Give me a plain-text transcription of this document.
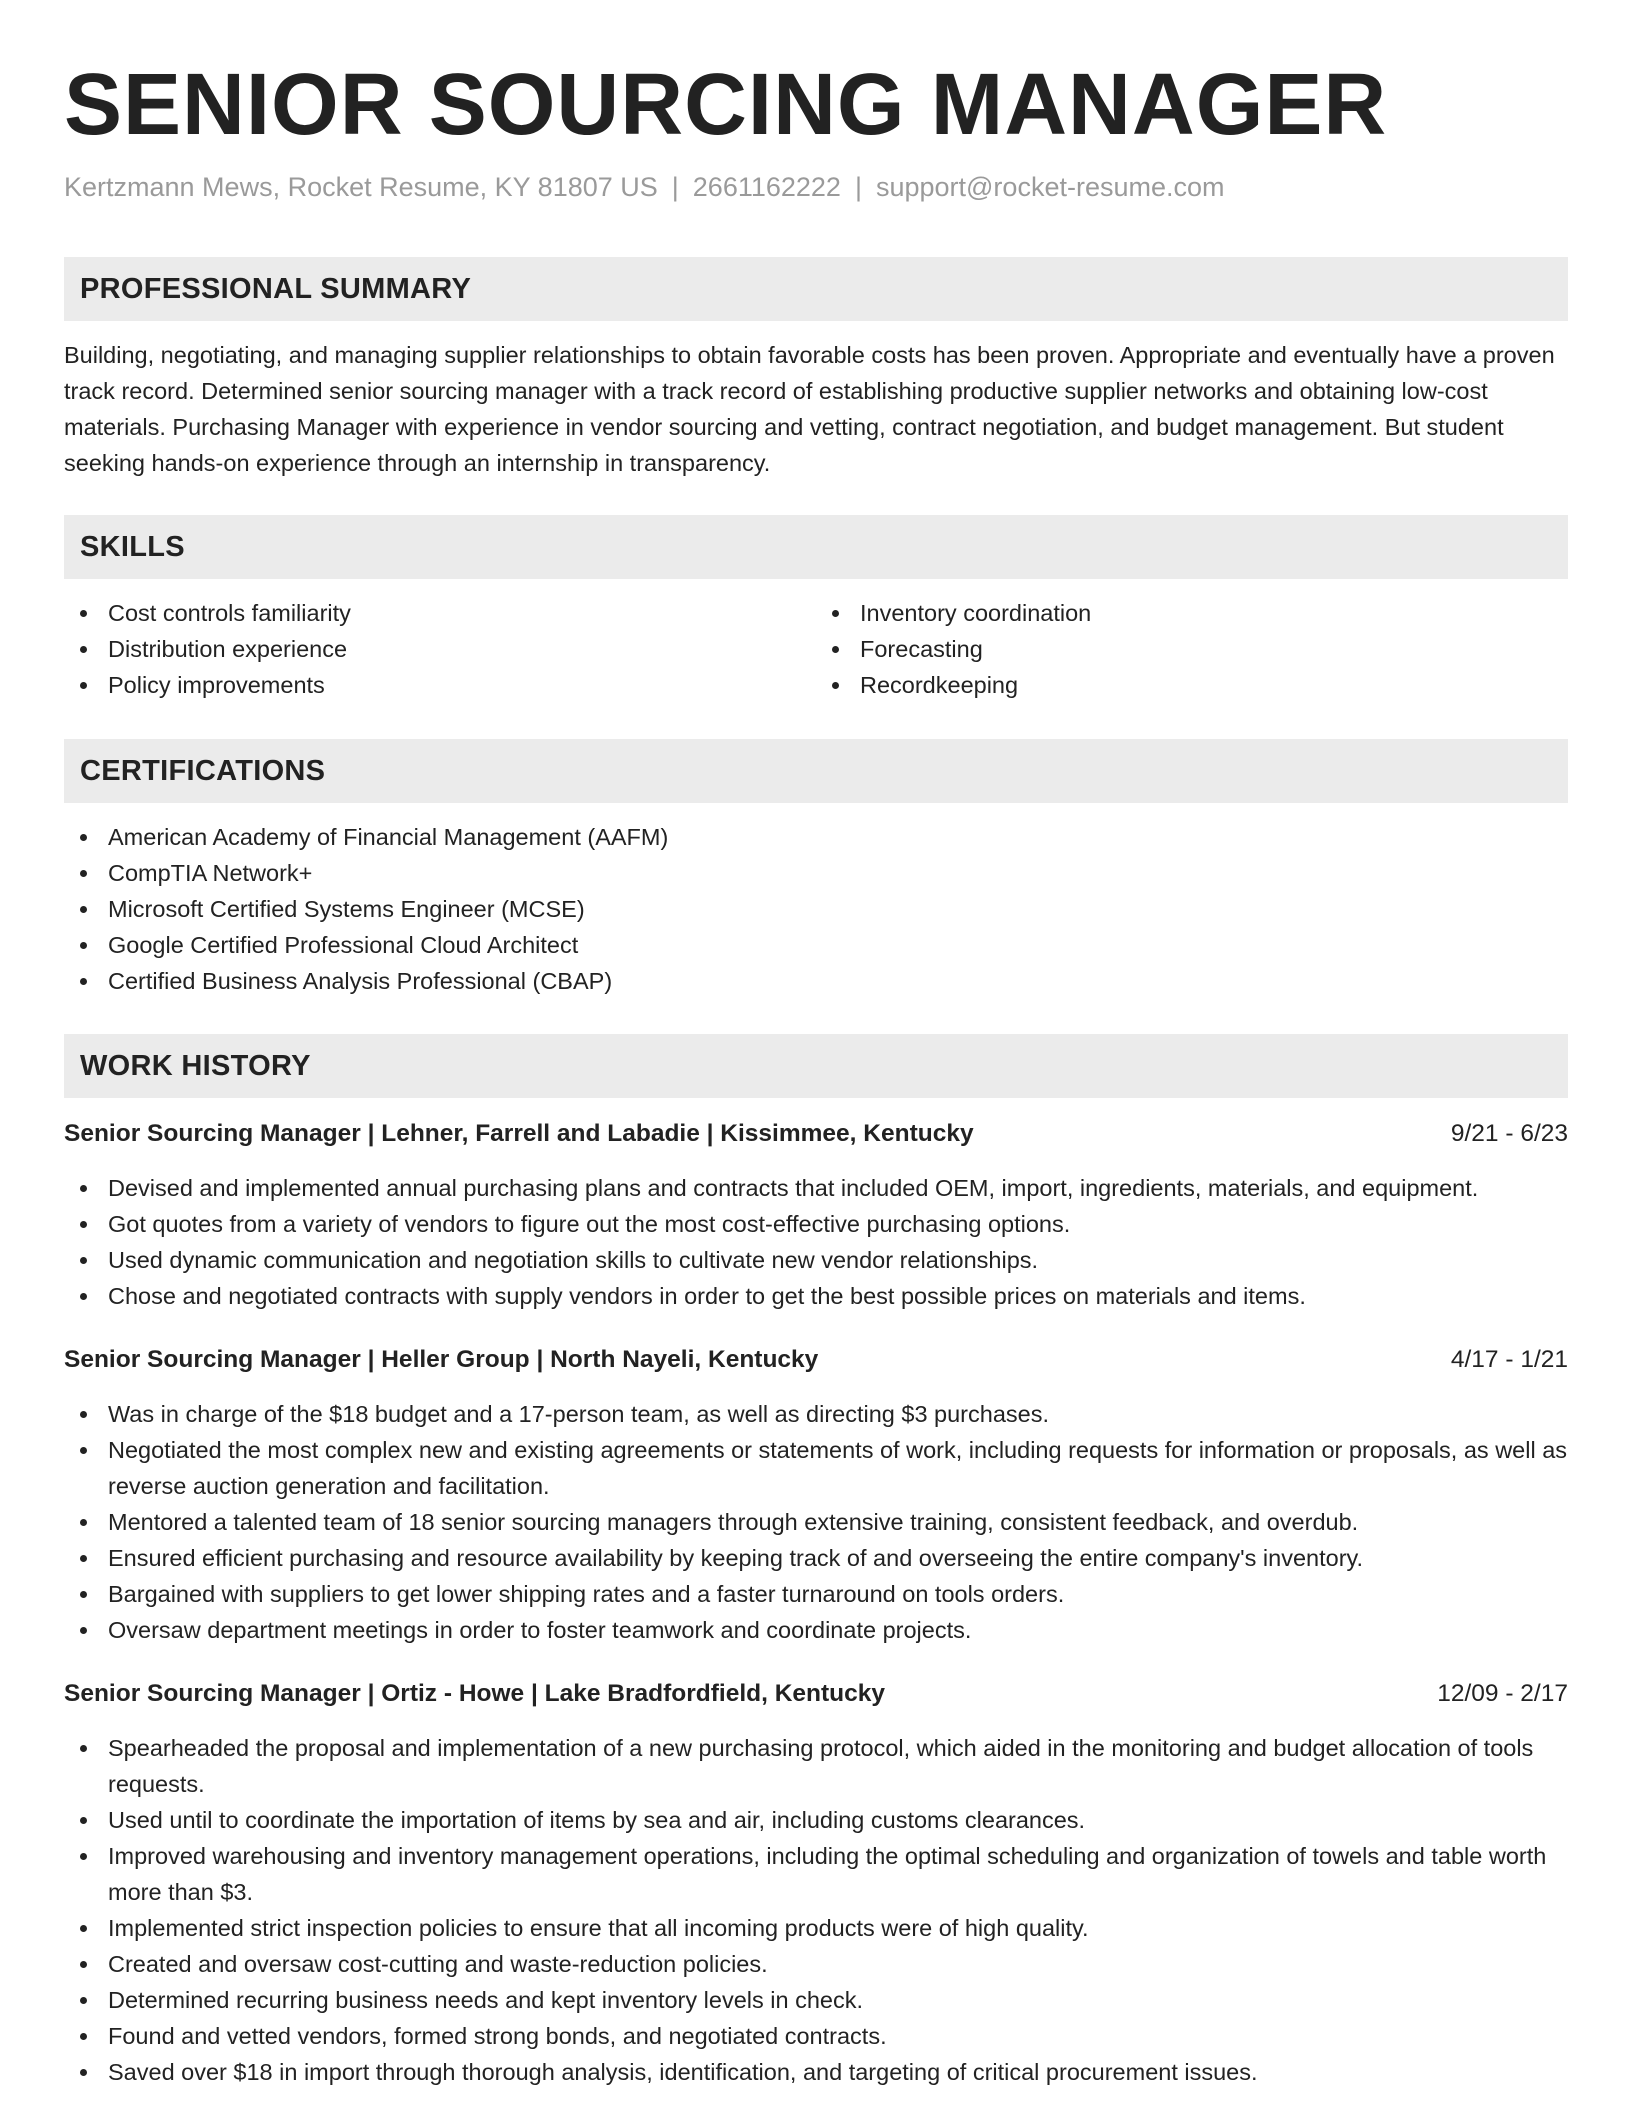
SENIOR SOURCING MANAGER
Kertzmann Mews, Rocket Resume, KY 81807 US | 2661162222 | support@rocket-resume.com
PROFESSIONAL SUMMARY

Building, negotiating, and managing supplier relationships to obtain favorable costs has been proven. Appropriate and eventually have a proven track record. Determined senior sourcing manager with a track record of establishing productive supplier networks and obtaining low-cost materials. Purchasing Manager with experience in vendor sourcing and vetting, contract negotiation, and budget management. But student seeking hands-on experience through an internship in transparency.

SKILLS
Cost controls familiarity
Distribution experience
Policy improvements
Inventory coordination
Forecasting
Recordkeeping
CERTIFICATIONS
American Academy of Financial Management (AAFM)
CompTIA Network+
Microsoft Certified Systems Engineer (MCSE)
Google Certified Professional Cloud Architect
Certified Business Analysis Professional (CBAP)
WORK HISTORY
Senior Sourcing Manager | Lehner, Farrell and Labadie | Kissimmee, Kentucky	9/21 - 6/23
Devised and implemented annual purchasing plans and contracts that included OEM, import, ingredients, materials, and equipment.
Got quotes from a variety of vendors to figure out the most cost-effective purchasing options.
Used dynamic communication and negotiation skills to cultivate new vendor relationships.
Chose and negotiated contracts with supply vendors in order to get the best possible prices on materials and items.
Senior Sourcing Manager | Heller Group | North Nayeli, Kentucky	4/17 - 1/21
Was in charge of the $18 budget and a 17-person team, as well as directing $3 purchases.
Negotiated the most complex new and existing agreements or statements of work, including requests for information or proposals, as well as reverse auction generation and facilitation.
Mentored a talented team of 18 senior sourcing managers through extensive training, consistent feedback, and overdub.
Ensured efficient purchasing and resource availability by keeping track of and overseeing the entire company's inventory.
Bargained with suppliers to get lower shipping rates and a faster turnaround on tools orders.
Oversaw department meetings in order to foster teamwork and coordinate projects.
Senior Sourcing Manager | Ortiz - Howe | Lake Bradfordfield, Kentucky	12/09 - 2/17
Spearheaded the proposal and implementation of a new purchasing protocol, which aided in the monitoring and budget allocation of tools requests.
Used until to coordinate the importation of items by sea and air, including customs clearances.
Improved warehousing and inventory management operations, including the optimal scheduling and organization of towels and table worth more than $3.
Implemented strict inspection policies to ensure that all incoming products were of high quality.
Created and oversaw cost-cutting and waste-reduction policies.
Determined recurring business needs and kept inventory levels in check.
Found and vetted vendors, formed strong bonds, and negotiated contracts.
Saved over $18 in import through thorough analysis, identification, and targeting of critical procurement issues.
